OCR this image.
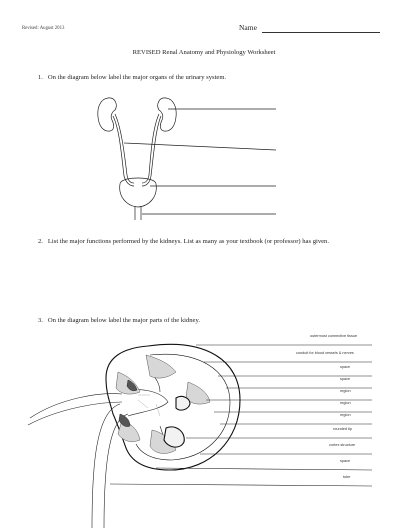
Revised: August 2013	Name
REVISED Renal Anatomy and Physiology Worksheet
1. On the diagram below label the major organs of the urinary system.
2. List the major functions performed by the kidneys. List as many as your textbook (or professor) has given.
3. On the diagram below label the major parts of the kidney.
outermost connective tissue
conduit for blood vessels & nerves
space
space
region
region
region
rounded tip
cortex structure
space
tube
